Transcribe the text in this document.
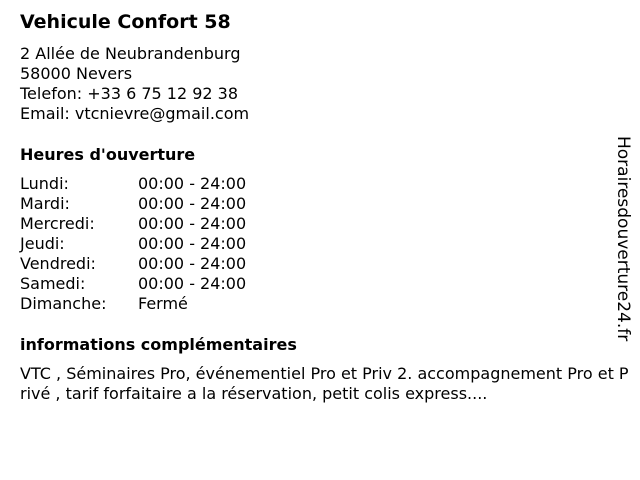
Vehicule Confort 58
2 Allée de Neubrandenburg
58000 Nevers
Telefon: +33 6 75 12 92 38
Email: vtcnievre@gmail.com
Heures d'ouverture
Lundi:	00:00 - 24:00
Mardi:	00:00 - 24:00
Mercredi:	00:00 - 24:00
Jeudi:	00:00 - 24:00
Vendredi:	00:00 - 24:00
Samedi:	00:00 - 24:00
Dimanche:	Fermé
informations complémentaires
VTC , Séminaires Pro, événementiel Pro et Priv 2. accompagnement Pro et Privé , tarif forfaitaire a la réservation, petit colis express....
Horairesdouverture24.fr
